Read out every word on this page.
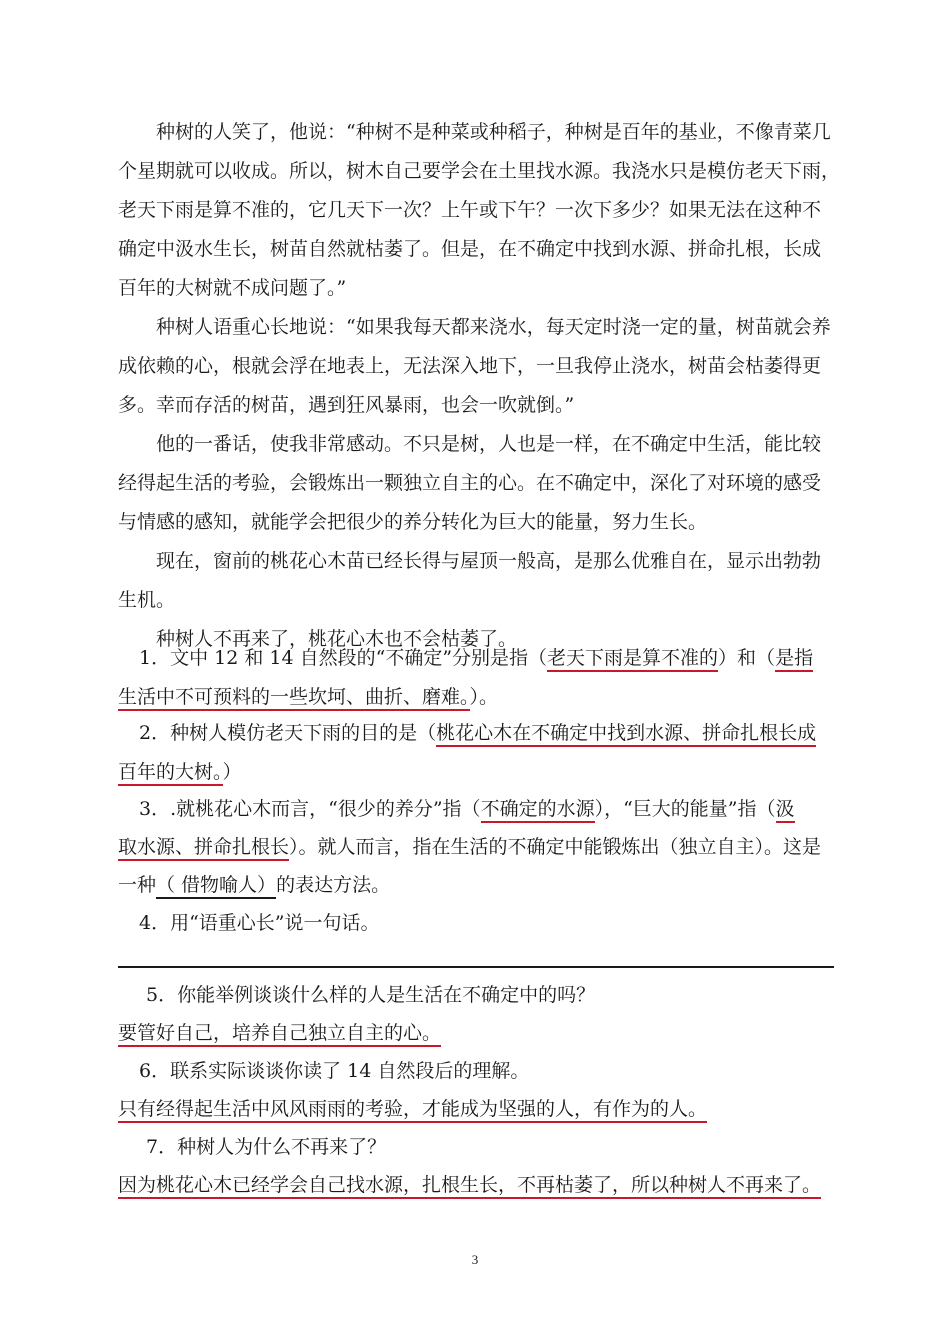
种树的人笑了，他说：“种树不是种菜或种稻子，种树是百年的基业，不像青菜几
个星期就可以收成。所以，树木自己要学会在土里找水源。我浇水只是模仿老天下雨，
老天下雨是算不准的，它几天下一次？上午或下午？一次下多少？如果无法在这种不
确定中汲水生长，树苗自然就枯萎了。但是，在不确定中找到水源、拼命扎根，长成
百年的大树就不成问题了。”
种树人语重心长地说：“如果我每天都来浇水，每天定时浇一定的量，树苗就会养
成依赖的心，根就会浮在地表上，无法深入地下，一旦我停止浇水，树苗会枯萎得更
多。幸而存活的树苗，遇到狂风暴雨，也会一吹就倒。”
他的一番话，使我非常感动。不只是树，人也是一样，在不确定中生活，能比较
经得起生活的考验，会锻炼出一颗独立自主的心。在不确定中，深化了对环境的感受
与情感的感知，就能学会把很少的养分转化为巨大的能量，努力生长。
现在，窗前的桃花心木苗已经长得与屋顶一般高，是那么优雅自在，显示出勃勃
生机。
种树人不再来了，桃花心木也不会枯萎了。
1．文中 12 和 14 自然段的“不确定”分别是指（老天下雨是算不准的）和（是指
生活中不可预料的一些坎坷、曲折、磨难。）。
2．种树人模仿老天下雨的目的是（桃花心木在不确定中找到水源、拼命扎根长成
百年的大树。）
3．.就桃花心木而言，“很少的养分”指（不确定的水源），“巨大的能量”指（汲
取水源、拼命扎根长）。就人而言，指在生活的不确定中能锻炼出（独立自主）。这是
一种（ 借物喻人）的表达方法。
4．用“语重心长”说一句话。
5．你能举例谈谈什么样的人是生活在不确定中的吗？
要管好自己，培养自己独立自主的心。
6．联系实际谈谈你读了 14 自然段后的理解。
只有经得起生活中风风雨雨的考验，才能成为坚强的人，有作为的人。
7．种树人为什么不再来了？
因为桃花心木已经学会自己找水源，扎根生长，不再枯萎了，所以种树人不再来了。
3
